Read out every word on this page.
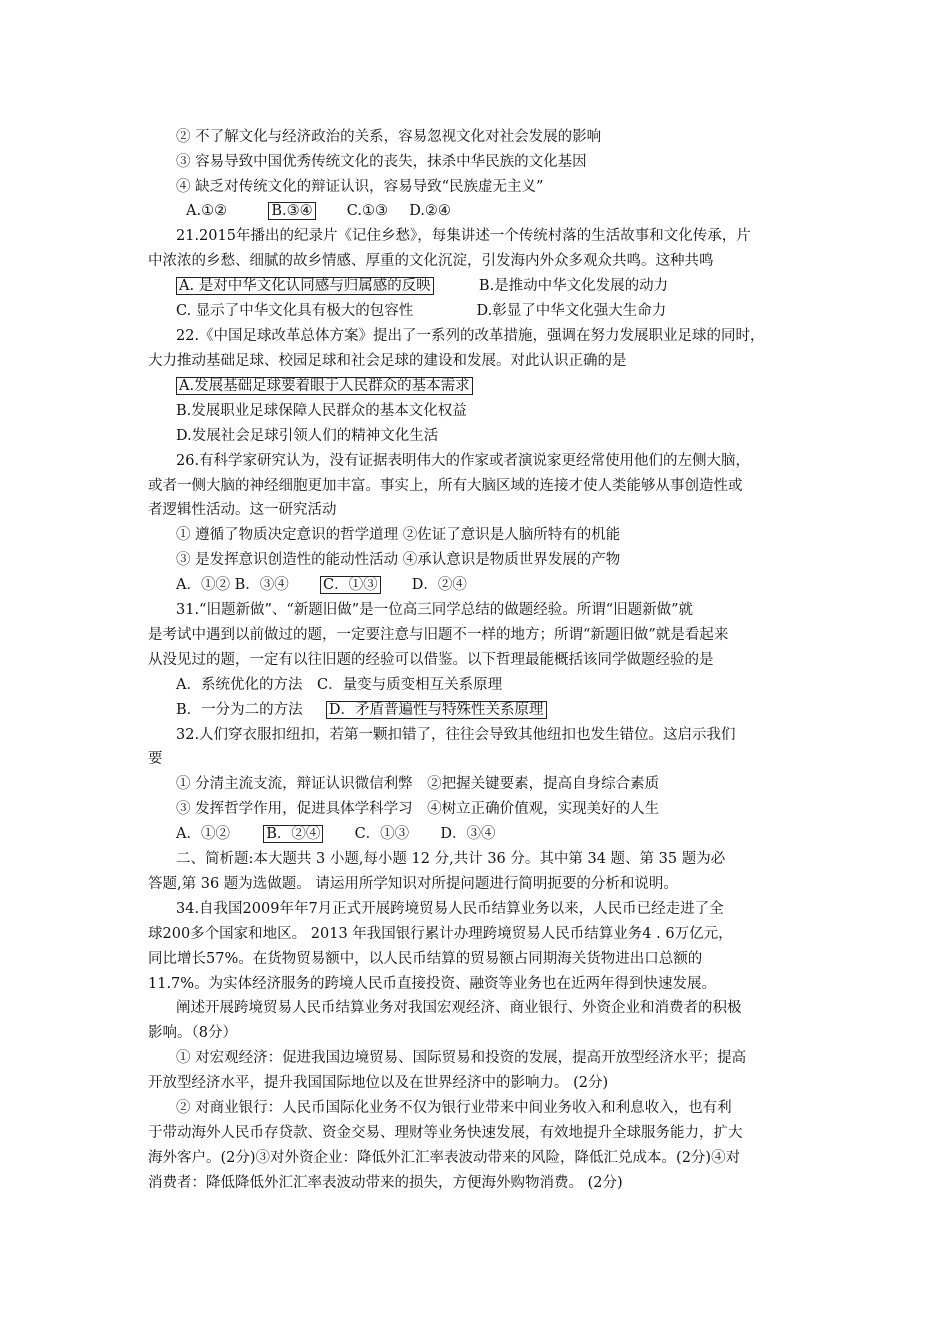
② 不了解文化与经济政治的关系，容易忽视文化对社会发展的影响
③ 容易导致中国优秀传统文化的丧失，抹杀中华民族的文化基因
④ 缺乏对传统文化的辩证认识，容易导致“民族虚无主义”
A.①②	B.③④ C.①③ D.②④
21.2015年播出的纪录片《记住乡愁》，每集讲述一个传统村落的生活故事和文化传承，片
中浓浓的乡愁、细腻的故乡情感、厚重的文化沉淀，引发海内外众多观众共鸣。这种共鸣
A. 是对中华文化认同感与归属感的反映	B.是推动中华文化发展的动力
C. 显示了中华文化具有极大的包容性	D.彰显了中华文化强大生命力
22.《中国足球改革总体方案》提出了一系列的改革措施，强调在努力发展职业足球的同时，
大力推动基础足球、校园足球和社会足球的建设和发展。对此认识正确的是
A.发展基础足球要着眼于人民群众的基本需求
B.发展职业足球保障人民群众的基本文化权益
D.发展社会足球引领人们的精神文化生活
26.有科学家研究认为，没有证据表明伟大的作家或者演说家更经常使用他们的左侧大脑，
或者一侧大脑的神经细胞更加丰富。事实上，所有大脑区域的连接才使人类能够从事创造性或
者逻辑性活动。这一研究活动
① 遵循了物质决定意识的哲学道理 ②佐证了意识是人脑所特有的机能
③ 是发挥意识创造性的能动性活动 ④承认意识是物质世界发展的产物
A．①② B．③④ C．①③ D．②④
31.“旧题新做”、“新题旧做”是一位高三同学总结的做题经验。所谓“旧题新做”就
是考试中遇到以前做过的题，一定要注意与旧题不一样的地方；所谓“新题旧做”就是看起来
从没见过的题，一定有以往旧题的经验可以借鉴。以下哲理最能概括该同学做题经验的是
A．系统优化的方法　C．量变与质变相互关系原理
B．一分为二的方法 D．矛盾普遍性与特殊性关系原理
32.人们穿衣服扣纽扣，若第一颗扣错了，往往会导致其他纽扣也发生错位。这启示我们
要
① 分清主流支流，辩证认识微信利弊　②把握关键要素，提高自身综合素质
③ 发挥哲学作用，促进具体学科学习　④树立正确价值观，实现美好的人生
A．①② B．②④ C．①③ D．③④
二、简析题:本大题共 3 小题,每小题 12 分,共计 36 分。其中第 34 题、第 35 题为必
答题,第 36 题为选做题。 请运用所学知识对所提问题进行简明扼要的分析和说明。
34.自我国2009年年7月正式开展跨境贸易人民币结算业务以来，人民币已经走进了全
球200多个国家和地区。 2013 年我国银行累计办理跨境贸易人民币结算业务4 . 6万亿元，
同比增长57%。在货物贸易额中，以人民币结算的贸易额占同期海关货物进出口总额的
11.7%。为实体经济服务的跨境人民币直接投资、融资等业务也在近两年得到快速发展。
阐述开展跨境贸易人民币结算业务对我国宏观经济、商业银行、外资企业和消费者的积极
影响。（8分）
① 对宏观经济：促进我国边境贸易、国际贸易和投资的发展，提高开放型经济水平；提高
开放型经济水平，提升我国国际地位以及在世界经济中的影响力。 (2分)
② 对商业银行：人民币国际化业务不仅为银行业带来中间业务收入和利息收入，也有利
于带动海外人民币存贷款、资金交易、理财等业务快速发展，有效地提升全球服务能力，扩大
海外客户。(2分)③对外资企业：降低外汇汇率表波动带来的风险，降低汇兑成本。(2分)④对
消费者：降低降低外汇汇率表波动带来的损失，方便海外购物消费。 (2分)
